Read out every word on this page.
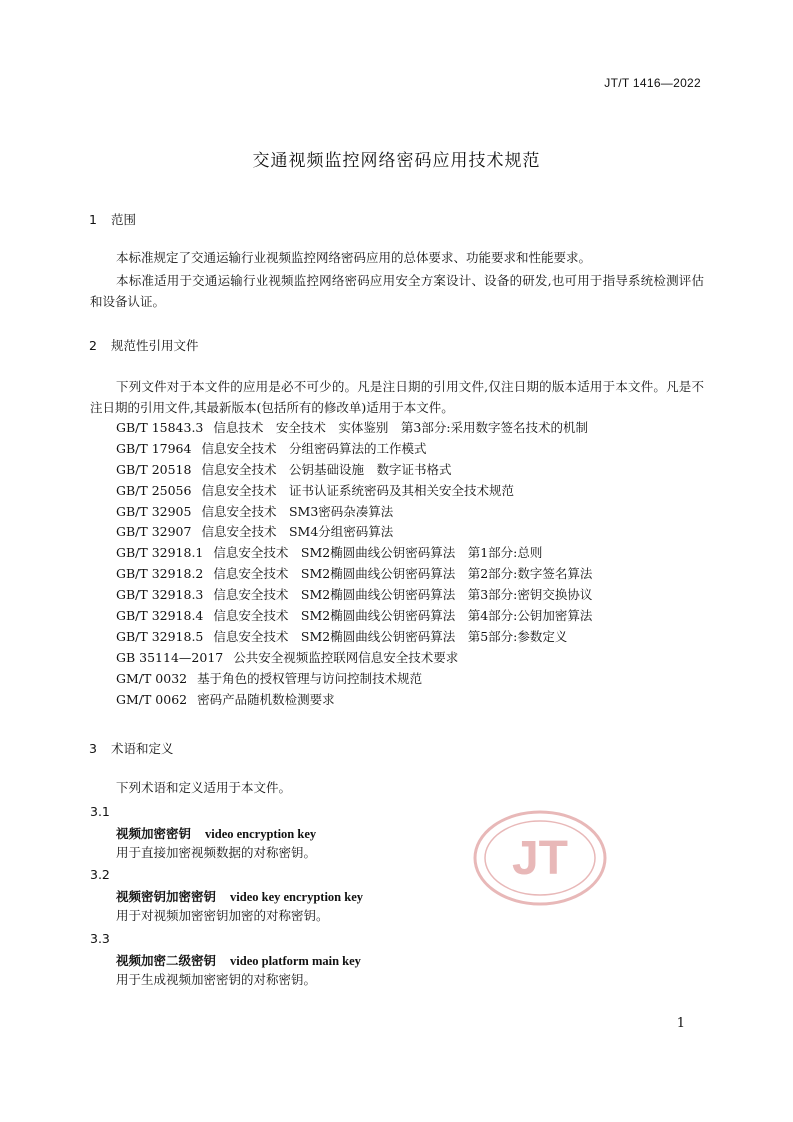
JT/T 1416—2022
交通视频监控网络密码应用技术规范
1 范围
本标准规定了交通运输行业视频监控网络密码应用的总体要求、功能要求和性能要求。
本标准适用于交通运输行业视频监控网络密码应用安全方案设计、设备的研发,也可用于指导系统检测评估和设备认证。
2 规范性引用文件
下列文件对于本文件的应用是必不可少的。凡是注日期的引用文件,仅注日期的版本适用于本文件。凡是不注日期的引用文件,其最新版本(包括所有的修改单)适用于本文件。
GB/T 15843.3 信息技术　安全技术　实体鉴别　第3部分:采用数字签名技术的机制
GB/T 17964 信息安全技术　分组密码算法的工作模式
GB/T 20518 信息安全技术　公钥基础设施　数字证书格式
GB/T 25056 信息安全技术　证书认证系统密码及其相关安全技术规范
GB/T 32905 信息安全技术　SM3密码杂凑算法
GB/T 32907 信息安全技术　SM4分组密码算法
GB/T 32918.1 信息安全技术　SM2椭圆曲线公钥密码算法　第1部分:总则
GB/T 32918.2 信息安全技术　SM2椭圆曲线公钥密码算法　第2部分:数字签名算法
GB/T 32918.3 信息安全技术　SM2椭圆曲线公钥密码算法　第3部分:密钥交换协议
GB/T 32918.4 信息安全技术　SM2椭圆曲线公钥密码算法　第4部分:公钥加密算法
GB/T 32918.5 信息安全技术　SM2椭圆曲线公钥密码算法　第5部分:参数定义
GB 35114—2017 公共安全视频监控联网信息安全技术要求
GM/T 0032 基于角色的授权管理与访问控制技术规范
GM/T 0062 密码产品随机数检测要求
3 术语和定义
下列术语和定义适用于本文件。
3.1
视频加密密钥 video encryption key
用于直接加密视频数据的对称密钥。
3.2
视频密钥加密密钥 video key encryption key
用于对视频加密密钥加密的对称密钥。
3.3
视频加密二级密钥 video platform main key
用于生成视频加密密钥的对称密钥。
JT
1
